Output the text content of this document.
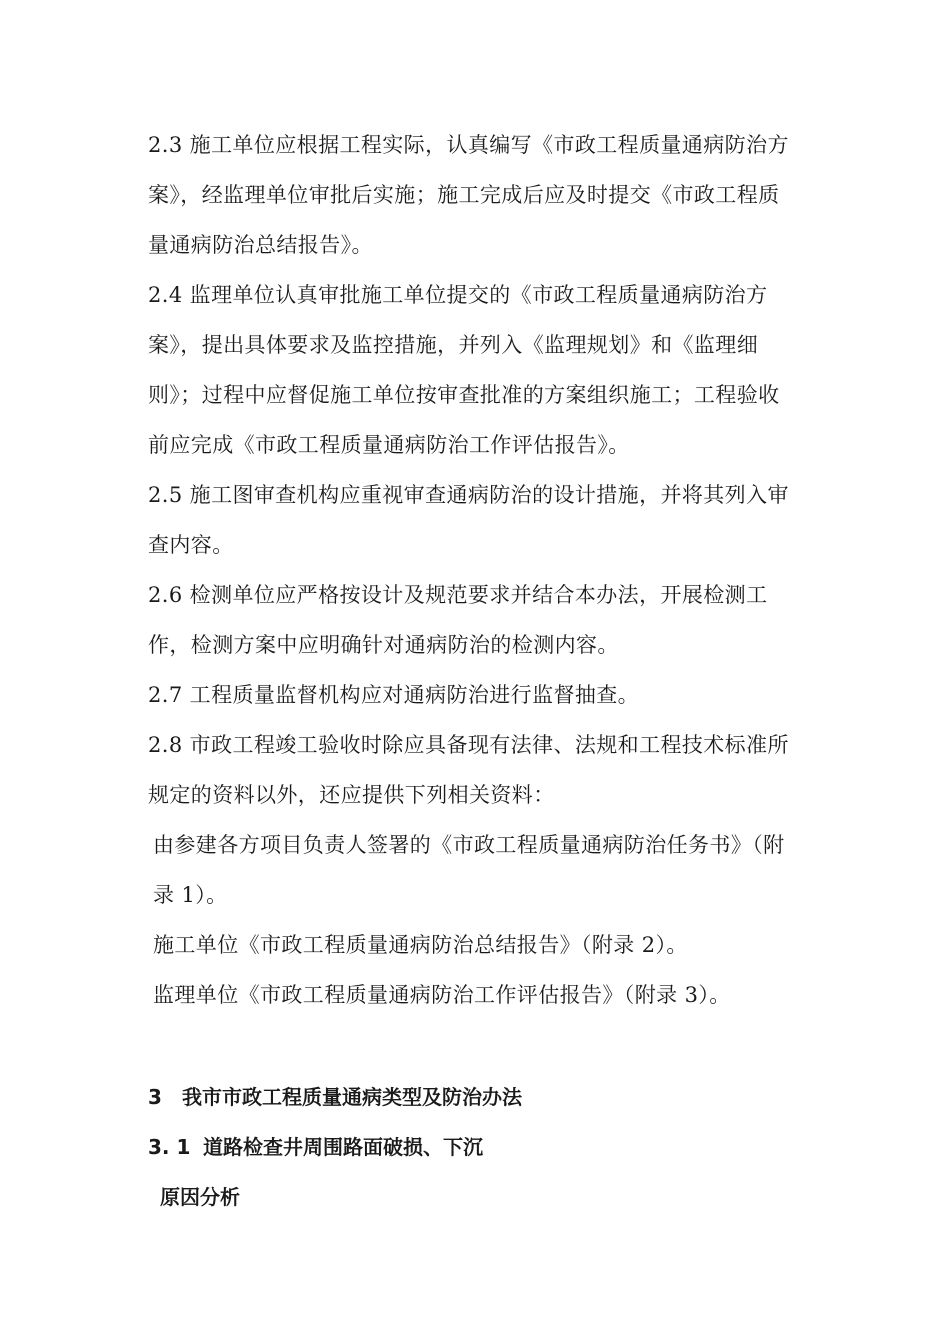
2.3 施工单位应根据工程实际，认真编写《市政工程质量通病防治方案》，经监理单位审批后实施；施工完成后应及时提交《市政工程质量通病防治总结报告》。

2.4 监理单位认真审批施工单位提交的《市政工程质量通病防治方案》，提出具体要求及监控措施，并列入《监理规划》和《监理细则》；过程中应督促施工单位按审查批准的方案组织施工；工程验收前应完成《市政工程质量通病防治工作评估报告》。

2.5 施工图审查机构应重视审查通病防治的设计措施，并将其列入审查内容。

2.6 检测单位应严格按设计及规范要求并结合本办法，开展检测工作，检测方案中应明确针对通病防治的检测内容。

2.7 工程质量监督机构应对通病防治进行监督抽查。

2.8 市政工程竣工验收时除应具备现有法律、法规和工程技术标准所规定的资料以外，还应提供下列相关资料：

由参建各方项目负责人签署的《市政工程质量通病防治任务书》（附录 1）。

施工单位《市政工程质量通病防治总结报告》（附录 2）。

监理单位《市政工程质量通病防治工作评估报告》（附录 3）。

3 我市市政工程质量通病类型及防治办法
3. 1 道路检查井周围路面破损、下沉
原因分析
